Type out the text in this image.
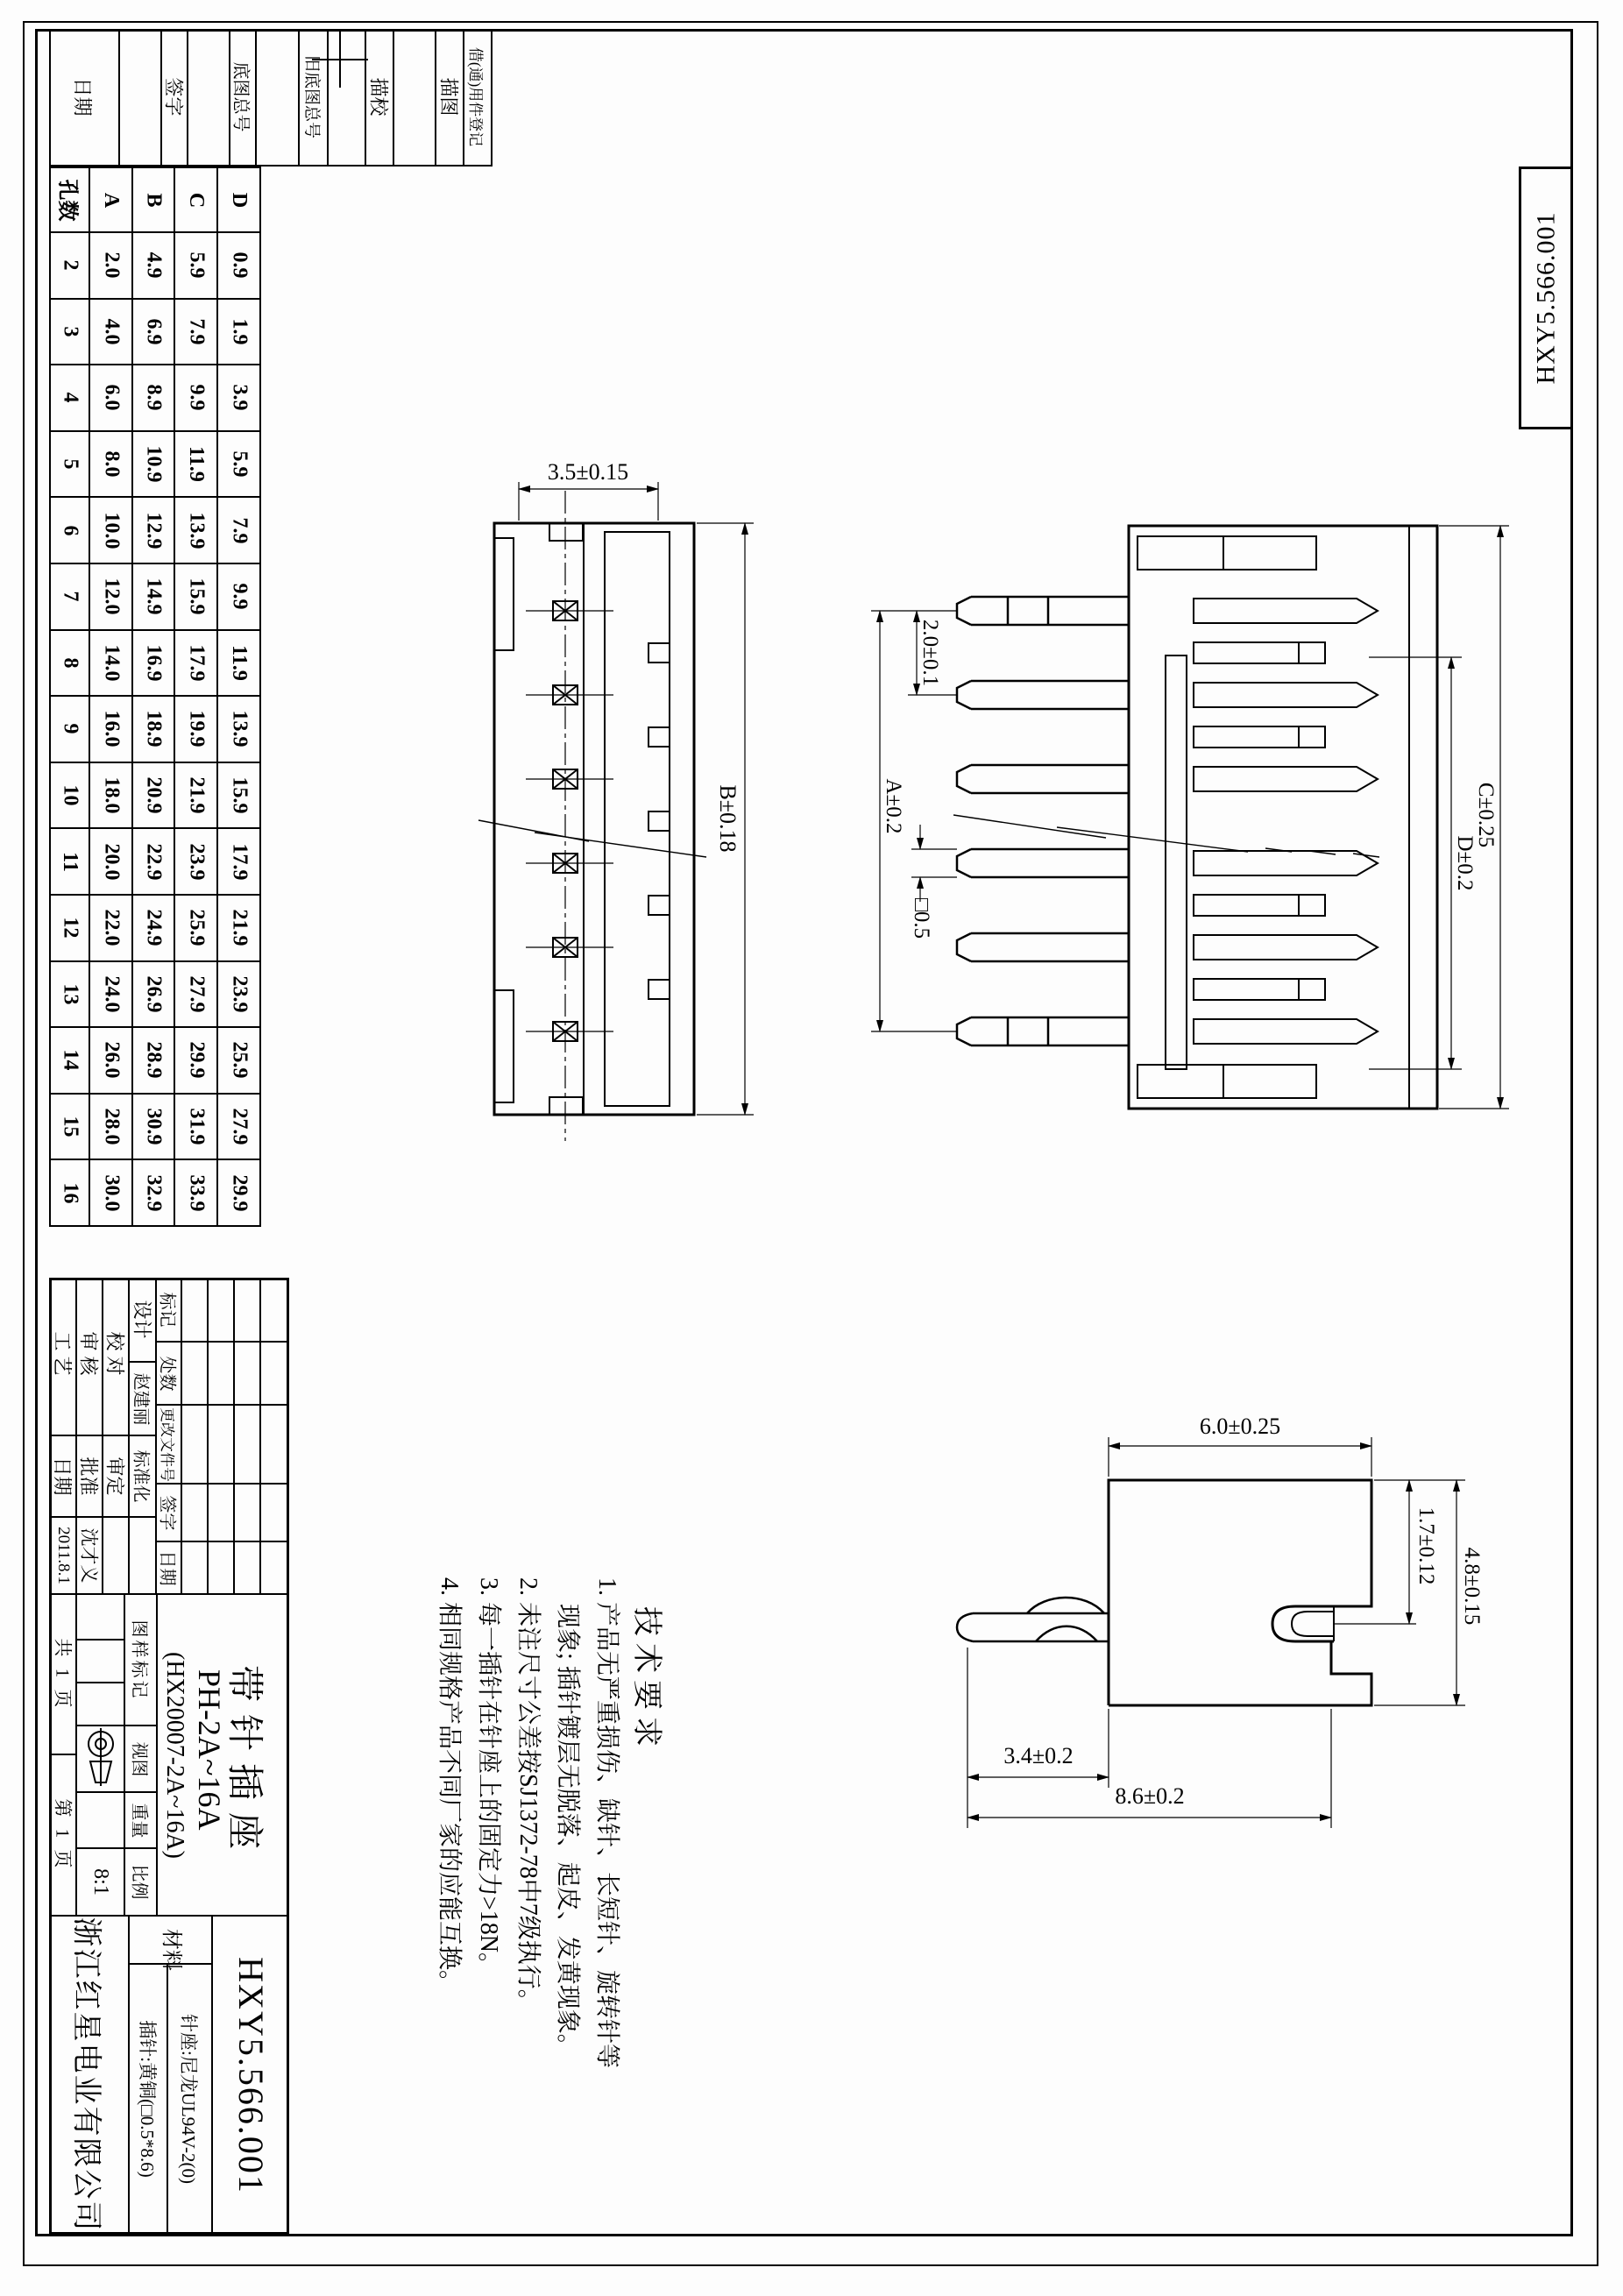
HXY5.566.001
工艺
日期
2011.8.1
审核
批准
沈才义
校对
审定
设计
赵建丽
标准化
共 1 页
第 1 页
8:1
图样标记
视图
重量
比例
(HX20007-2A~16A) PH-2A~16A
带针插座
浙江红星电业有限公司	材料
插针:黄铜(□0.5*8.6) 针座:尼龙UL94V-2(0) HXY5.566.001
技术要求
1. 产品无严重损伤、缺针、长短针、旋转针等
现象; 插针镀层无脱落、起皮、发黄现象。
2. 未注尺寸公差按SJ1372-78中7级执行。
3. 每一插针在针座上的固定力>18N。
4. 相同规格产品不同厂家的应能互换。
3.5±0.15
B±0.18
2.0±0.1
A±0.2
□0.5
D±0.2
C±0.25
6.0±0.25
1.7±0.12
4.8±0.15
3.4±0.2
8.6±0.2
日期	签字	底图总号	旧底图总号 描校	描图 借(通)用件登记
孔数	A B C D
2 2.0 4.9 5.9 0.9
3 4.0 6.9 7.9 1.9
4 6.0 8.9 9.9 3.9
5 8.0 10.9 11.9 5.9
6 10.0 12.9 13.9 7.9
7 12.0 14.9 15.9 9.9
8 14.0 16.9 17.9 11.9
9 16.0 18.9 19.9 13.9
10 18.0 20.9 21.9 15.9
11 20.0 22.9 23.9 17.9
12 22.0 24.9 25.9 21.9
13 24.0 26.9 27.9 23.9
14 26.0 28.9 29.9 25.9
15 28.0 30.9 31.9 27.9
16 30.0 32.9 33.9 29.9
标记
处数
更改文件号
签字
日期
